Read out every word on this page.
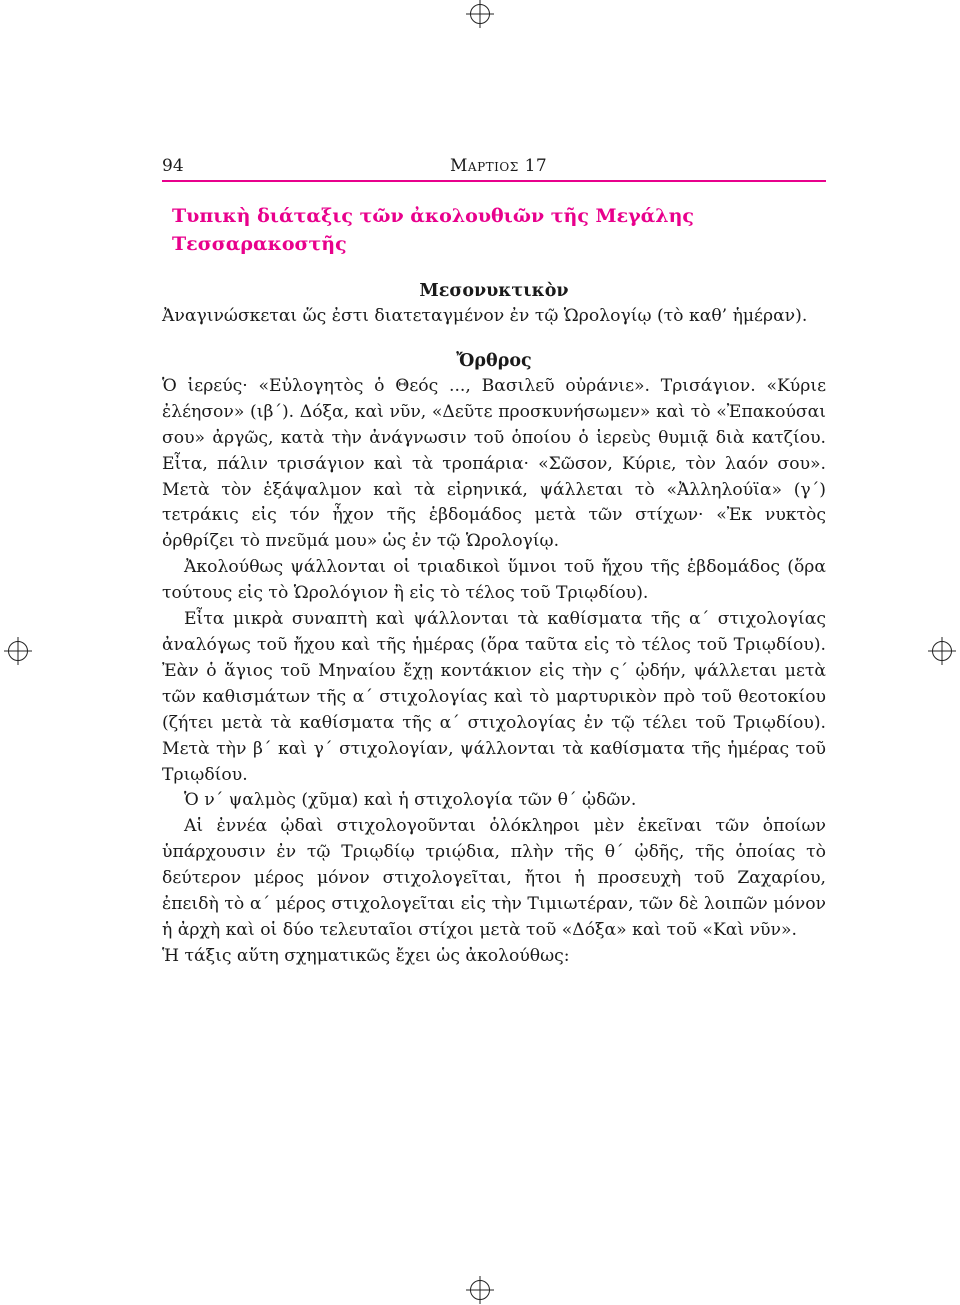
94	Μαρτιος 17
Τυπικὴ διάταξις τῶν ἀκολουθιῶν τῆς Μεγάλης Τεσσαρακοστῆς
Μεσονυκτικὸν

Ἀναγινώσκεται ὥς ἐστι διατεταγμένον ἐν τῷ Ὡρολογίῳ (τὸ καθ’ ἡμέραν).

Ὄρθρος

Ὁ ἱερεύς· «Εὐλογητὸς ὁ Θεός ..., Βασιλεῦ οὐράνιε». Τρισάγιον. «Κύριε ἐλέησον» (ιβ´). Δόξα, καὶ νῦν, «Δεῦτε προσκυνήσωμεν» καὶ τὸ «Ἐπακούσαι σου» ἀργῶς, κατὰ τὴν ἀνάγνωσιν τοῦ ὁποίου ὁ ἱερεὺς θυμιᾷ διὰ κατζίου. Εἶτα, πάλιν τρισάγιον καὶ τὰ τροπάρια· «Σῶσον, Κύριε, τὸν λαόν σου». Μετὰ τὸν ἑξάψαλμον καὶ τὰ εἰρηνικά, ψάλλεται τὸ «Ἀλληλούϊα» (γ´) τετράκις εἰς τόν ἦχον τῆς ἑβδομάδος μετὰ τῶν στίχων· «Ἐκ νυκτὸς ὀρθρίζει τὸ πνεῦμά μου» ὡς ἐν τῷ Ὡρολογίῳ.

Ἀκολούθως ψάλλονται οἱ τριαδικοὶ ὕμνοι τοῦ ἤχου τῆς ἑβδομάδος (ὅρα τούτους εἰς τὸ Ὡρολόγιον ἢ εἰς τὸ τέλος τοῦ Τριῳδίου).

Εἶτα μικρὰ συναπτὴ καὶ ψάλλονται τὰ καθίσματα τῆς α´ στιχολογίας ἀναλόγως τοῦ ἤχου καὶ τῆς ἡμέρας (ὅρα ταῦτα εἰς τὸ τέλος τοῦ Τριῳδίου). Ἐὰν ὁ ἅγιος τοῦ Μηναίου ἔχῃ κοντάκιον εἰς τὴν ς´ ᾠδήν, ψάλλεται μετὰ τῶν καθισμάτων τῆς α´ στιχολογίας καὶ τὸ μαρτυρικὸν πρὸ τοῦ θεοτοκίου (ζήτει μετὰ τὰ καθίσματα τῆς α´ στιχολογίας ἐν τῷ τέλει τοῦ Τριῳδίου). Μετὰ τὴν β´ καὶ γ´ στιχολογίαν, ψάλλονται τὰ καθίσματα τῆς ἡμέρας τοῦ Τριῳδίου.

Ὁ ν´ ψαλμὸς (χῦμα) καὶ ἡ στιχολογία τῶν θ´ ᾠδῶν.

Αἱ ἐννέα ᾠδαὶ στιχολογοῦνται ὁλόκληροι μὲν ἐκεῖναι τῶν ὁποίων ὑπάρχουσιν ἐν τῷ Τριῳδίῳ τριῴδια, πλὴν τῆς θ´ ᾠδῆς, τῆς ὁποίας τὸ δεύτερον μέρος μόνον στιχολογεῖται, ἤτοι ἡ προσευχὴ τοῦ Ζαχαρίου, ἐπειδὴ τὸ α´ μέρος στιχολογεῖται εἰς τὴν Τιμιωτέραν, τῶν δὲ λοιπῶν μόνον ἡ ἀρχὴ καὶ οἱ δύο τελευταῖοι στίχοι μετὰ τοῦ «Δόξα» καὶ τοῦ «Καὶ νῦν».

Ἡ τάξις αὕτη σχηματικῶς ἔχει ὡς ἀκολούθως:
